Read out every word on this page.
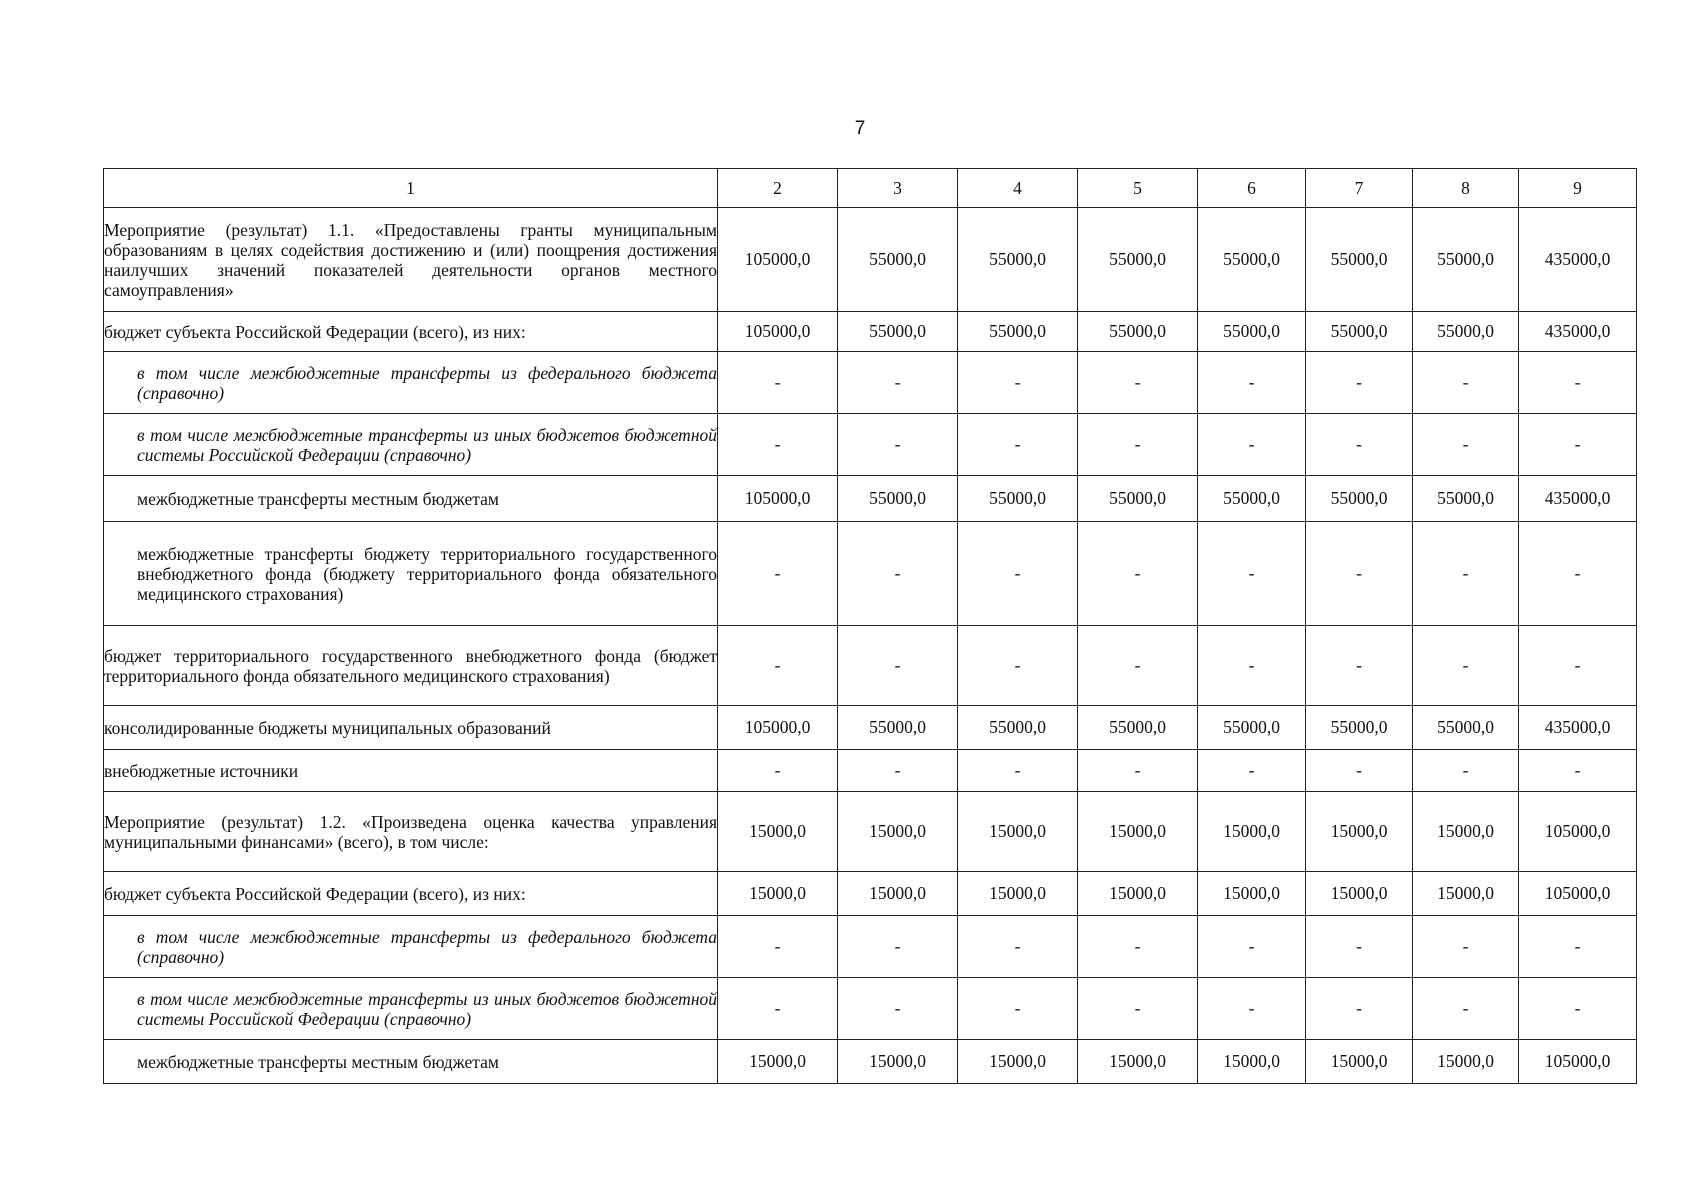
7
1	2	3	4	5	6	7	8	9
Мероприятие (результат) 1.1. «Предоставлены гранты муниципальным образованиям в целях содействия достижению и (или) поощрения достижения наилучших значений показателей деятельности органов местного самоуправления»	105000,0	55000,0	55000,0	55000,0	55000,0	55000,0	55000,0	435000,0
бюджет субъекта Российской Федерации (всего), из них:	105000,0	55000,0	55000,0	55000,0	55000,0	55000,0	55000,0	435000,0
в том числе межбюджетные трансферты из федерального бюджета (справочно)	-	-	-	-	-	-	-	-
в том числе межбюджетные трансферты из иных бюджетов бюджетной системы Российской Федерации (справочно)	-	-	-	-	-	-	-	-
межбюджетные трансферты местным бюджетам	105000,0	55000,0	55000,0	55000,0	55000,0	55000,0	55000,0	435000,0
межбюджетные трансферты бюджету территориального государственного внебюджетного фонда (бюджету территориального фонда обязательного медицинского страхования)	-	-	-	-	-	-	-	-
бюджет территориального государственного внебюджетного фонда (бюджет территориального фонда обязательного медицинского страхования)	-	-	-	-	-	-	-	-
консолидированные бюджеты муниципальных образований	105000,0	55000,0	55000,0	55000,0	55000,0	55000,0	55000,0	435000,0
внебюджетные источники	-	-	-	-	-	-	-	-
Мероприятие (результат) 1.2. «Произведена оценка качества управления муниципальными финансами» (всего), в том числе:	15000,0	15000,0	15000,0	15000,0	15000,0	15000,0	15000,0	105000,0
бюджет субъекта Российской Федерации (всего), из них:	15000,0	15000,0	15000,0	15000,0	15000,0	15000,0	15000,0	105000,0
в том числе межбюджетные трансферты из федерального бюджета (справочно)	-	-	-	-	-	-	-	-
в том числе межбюджетные трансферты из иных бюджетов бюджетной системы Российской Федерации (справочно)	-	-	-	-	-	-	-	-
межбюджетные трансферты местным бюджетам	15000,0	15000,0	15000,0	15000,0	15000,0	15000,0	15000,0	105000,0
